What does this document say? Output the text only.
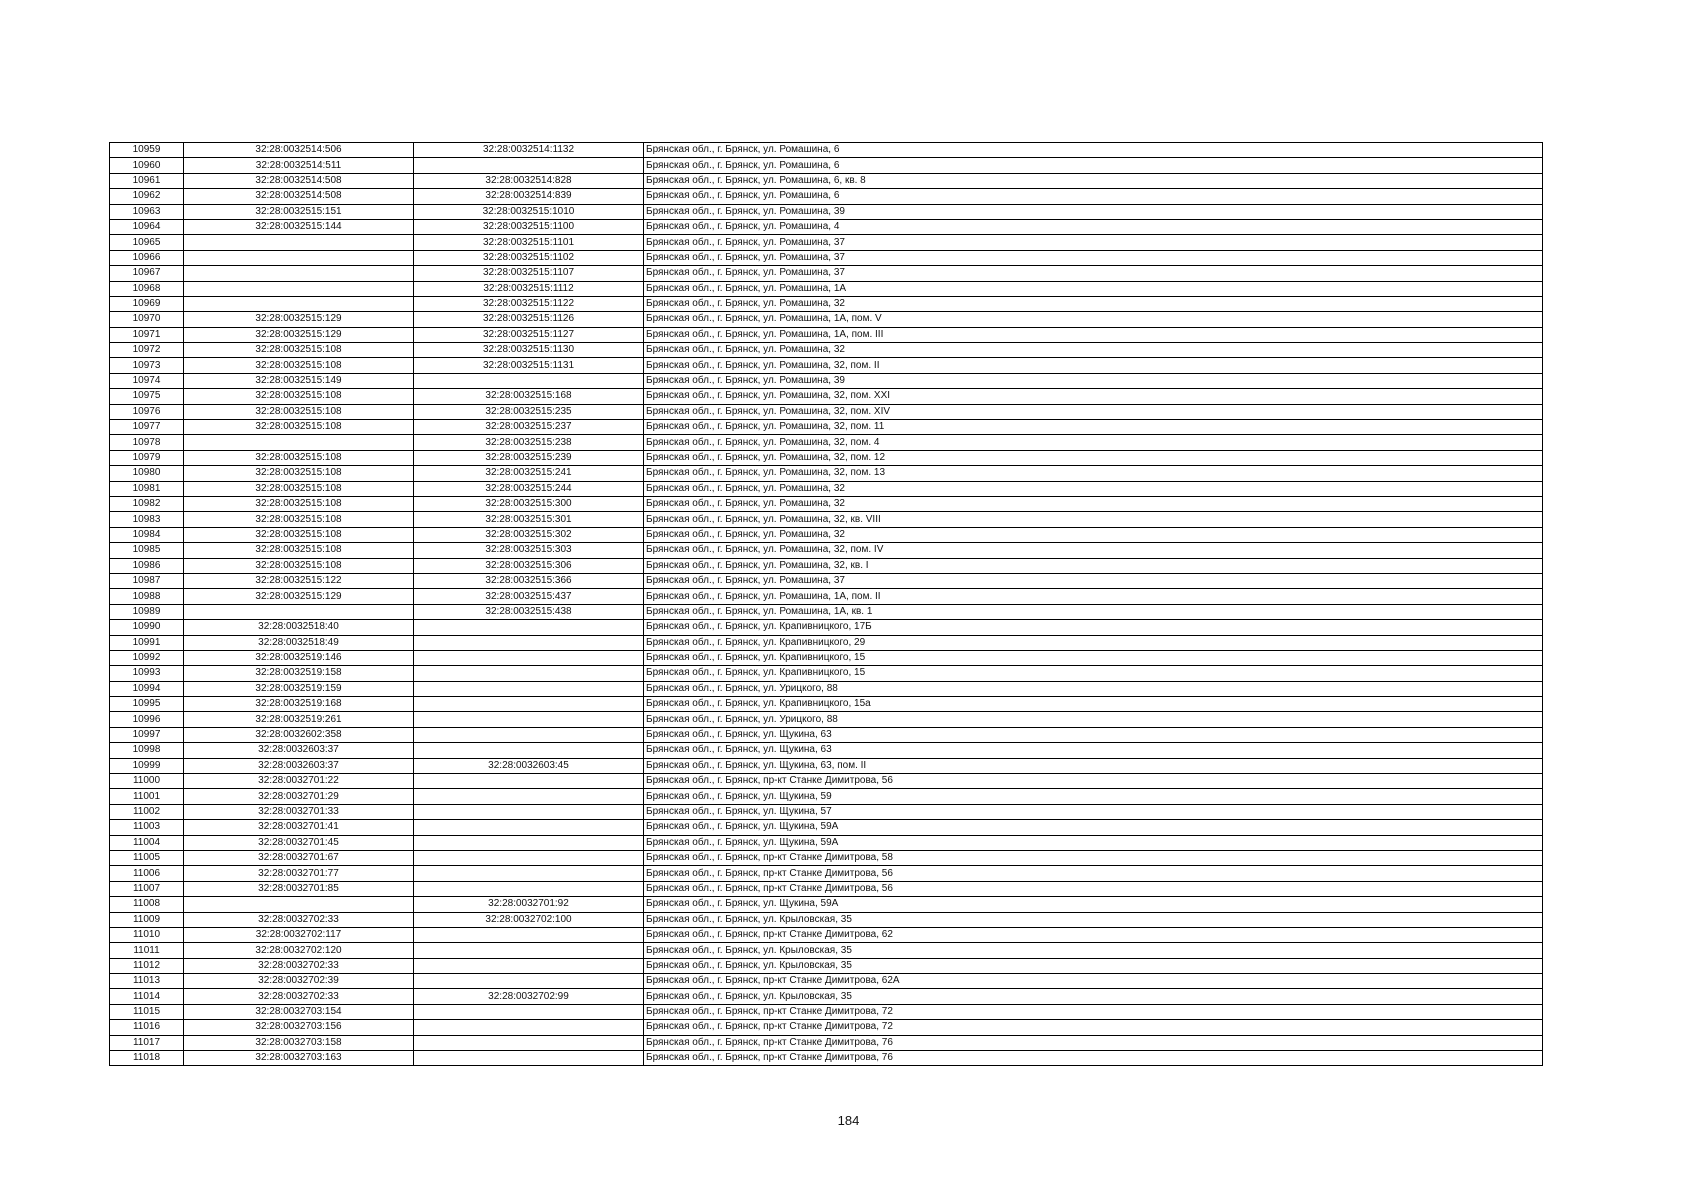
10959	32:28:0032514:506	32:28:0032514:1132	Брянская обл., г. Брянск, ул. Ромашина, 6
10960	32:28:0032514:511		Брянская обл., г. Брянск, ул. Ромашина, 6
10961	32:28:0032514:508	32:28:0032514:828	Брянская обл., г. Брянск, ул. Ромашина, 6, кв. 8
10962	32:28:0032514:508	32:28:0032514:839	Брянская обл., г. Брянск, ул. Ромашина, 6
10963	32:28:0032515:151	32:28:0032515:1010	Брянская обл., г. Брянск, ул. Ромашина, 39
10964	32:28:0032515:144	32:28:0032515:1100	Брянская обл., г. Брянск, ул. Ромашина, 4
10965		32:28:0032515:1101	Брянская обл., г. Брянск, ул. Ромашина, 37
10966		32:28:0032515:1102	Брянская обл., г. Брянск, ул. Ромашина, 37
10967		32:28:0032515:1107	Брянская обл., г. Брянск, ул. Ромашина, 37
10968		32:28:0032515:1112	Брянская обл., г. Брянск, ул. Ромашина, 1А
10969		32:28:0032515:1122	Брянская обл., г. Брянск, ул. Ромашина, 32
10970	32:28:0032515:129	32:28:0032515:1126	Брянская обл., г. Брянск, ул. Ромашина, 1А, пом. V
10971	32:28:0032515:129	32:28:0032515:1127	Брянская обл., г. Брянск, ул. Ромашина, 1А, пом. III
10972	32:28:0032515:108	32:28:0032515:1130	Брянская обл., г. Брянск, ул. Ромашина, 32
10973	32:28:0032515:108	32:28:0032515:1131	Брянская обл., г. Брянск, ул. Ромашина, 32, пом. II
10974	32:28:0032515:149		Брянская обл., г. Брянск, ул. Ромашина, 39
10975	32:28:0032515:108	32:28:0032515:168	Брянская обл., г. Брянск, ул. Ромашина, 32, пом. XXI
10976	32:28:0032515:108	32:28:0032515:235	Брянская обл., г. Брянск, ул. Ромашина, 32, пом. XIV
10977	32:28:0032515:108	32:28:0032515:237	Брянская обл., г. Брянск, ул. Ромашина, 32, пом. 11
10978		32:28:0032515:238	Брянская обл., г. Брянск, ул. Ромашина, 32, пом. 4
10979	32:28:0032515:108	32:28:0032515:239	Брянская обл., г. Брянск, ул. Ромашина, 32, пом. 12
10980	32:28:0032515:108	32:28:0032515:241	Брянская обл., г. Брянск, ул. Ромашина, 32, пом. 13
10981	32:28:0032515:108	32:28:0032515:244	Брянская обл., г. Брянск, ул. Ромашина, 32
10982	32:28:0032515:108	32:28:0032515:300	Брянская обл., г. Брянск, ул. Ромашина, 32
10983	32:28:0032515:108	32:28:0032515:301	Брянская обл., г. Брянск, ул. Ромашина, 32, кв. VIII
10984	32:28:0032515:108	32:28:0032515:302	Брянская обл., г. Брянск, ул. Ромашина, 32
10985	32:28:0032515:108	32:28:0032515:303	Брянская обл., г. Брянск, ул. Ромашина, 32, пом. IV
10986	32:28:0032515:108	32:28:0032515:306	Брянская обл., г. Брянск, ул. Ромашина, 32, кв. I
10987	32:28:0032515:122	32:28:0032515:366	Брянская обл., г. Брянск, ул. Ромашина, 37
10988	32:28:0032515:129	32:28:0032515:437	Брянская обл., г. Брянск, ул. Ромашина, 1А, пом. II
10989		32:28:0032515:438	Брянская обл., г. Брянск, ул. Ромашина, 1А, кв. 1
10990	32:28:0032518:40		Брянская обл., г. Брянск, ул. Крапивницкого, 17Б
10991	32:28:0032518:49		Брянская обл., г. Брянск, ул. Крапивницкого, 29
10992	32:28:0032519:146		Брянская обл., г. Брянск, ул. Крапивницкого, 15
10993	32:28:0032519:158		Брянская обл., г. Брянск, ул. Крапивницкого, 15
10994	32:28:0032519:159		Брянская обл., г. Брянск, ул. Урицкого, 88
10995	32:28:0032519:168		Брянская обл., г. Брянск, ул. Крапивницкого, 15а
10996	32:28:0032519:261		Брянская обл., г. Брянск, ул. Урицкого, 88
10997	32:28:0032602:358		Брянская обл., г. Брянск, ул. Щукина, 63
10998	32:28:0032603:37		Брянская обл., г. Брянск, ул. Щукина, 63
10999	32:28:0032603:37	32:28:0032603:45	Брянская обл., г. Брянск, ул. Щукина, 63, пом. II
11000	32:28:0032701:22		Брянская обл., г. Брянск, пр-кт Станке Димитрова, 56
11001	32:28:0032701:29		Брянская обл., г. Брянск, ул. Щукина, 59
11002	32:28:0032701:33		Брянская обл., г. Брянск, ул. Щукина, 57
11003	32:28:0032701:41		Брянская обл., г. Брянск, ул. Щукина, 59А
11004	32:28:0032701:45		Брянская обл., г. Брянск, ул. Щукина, 59А
11005	32:28:0032701:67		Брянская обл., г. Брянск, пр-кт Станке Димитрова, 58
11006	32:28:0032701:77		Брянская обл., г. Брянск, пр-кт Станке Димитрова, 56
11007	32:28:0032701:85		Брянская обл., г. Брянск, пр-кт Станке Димитрова, 56
11008		32:28:0032701:92	Брянская обл., г. Брянск, ул. Щукина, 59А
11009	32:28:0032702:33	32:28:0032702:100	Брянская обл., г. Брянск, ул. Крыловская, 35
11010	32:28:0032702:117		Брянская обл., г. Брянск, пр-кт Станке Димитрова, 62
11011	32:28:0032702:120		Брянская обл., г. Брянск, ул. Крыловская, 35
11012	32:28:0032702:33		Брянская обл., г. Брянск, ул. Крыловская, 35
11013	32:28:0032702:39		Брянская обл., г. Брянск, пр-кт Станке Димитрова, 62А
11014	32:28:0032702:33	32:28:0032702:99	Брянская обл., г. Брянск, ул. Крыловская, 35
11015	32:28:0032703:154		Брянская обл., г. Брянск, пр-кт Станке Димитрова, 72
11016	32:28:0032703:156		Брянская обл., г. Брянск, пр-кт Станке Димитрова, 72
11017	32:28:0032703:158		Брянская обл., г. Брянск, пр-кт Станке Димитрова, 76
11018	32:28:0032703:163		Брянская обл., г. Брянск, пр-кт Станке Димитрова, 76
184
